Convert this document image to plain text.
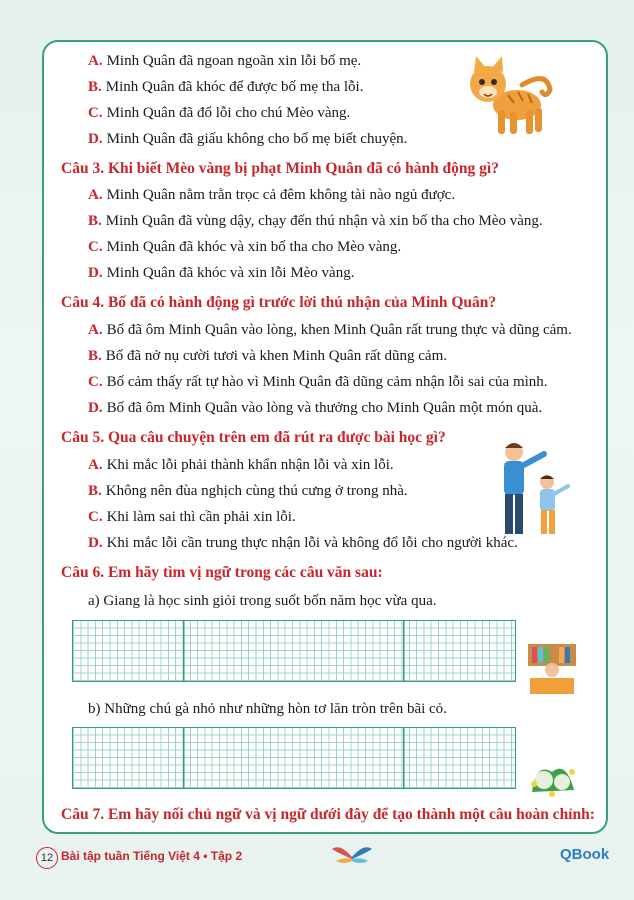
A. Minh Quân đã ngoan ngoãn xin lỗi bố mẹ.
B. Minh Quân đã khóc để được bố mẹ tha lỗi.
C. Minh Quân đã đổ lỗi cho chú Mèo vàng.
D. Minh Quân đã giấu không cho bố mẹ biết chuyện.
Câu 3. Khi biết Mèo vàng bị phạt Minh Quân đã có hành động gì?
A. Minh Quân nằm trằn trọc cả đêm không tài nào ngủ được.
B. Minh Quân đã vùng dậy, chạy đến thú nhận và xin bố tha cho Mèo vàng.
C. Minh Quân đã khóc và xin bố tha cho Mèo vàng.
D. Minh Quân đã khóc và xin lỗi Mèo vàng.
Câu 4. Bố đã có hành động gì trước lời thú nhận của Minh Quân?
A. Bố đã ôm Minh Quân vào lòng, khen Minh Quân rất trung thực và dũng cảm.
B. Bố đã nở nụ cười tươi và khen Minh Quân rất dũng cảm.
C. Bố cảm thấy rất tự hào vì Minh Quân đã dũng cảm nhận lỗi sai của mình.
D. Bố đã ôm Minh Quân vào lòng và thưởng cho Minh Quân một món quà.
Câu 5. Qua câu chuyện trên em đã rút ra được bài học gì?
A. Khi mắc lỗi phải thành khẩn nhận lỗi và xin lỗi.
B. Không nên đùa nghịch cùng thú cưng ở trong nhà.
C. Khi làm sai thì cần phải xin lỗi.
D. Khi mắc lỗi cần trung thực nhận lỗi và không đổ lỗi cho người khác.
Câu 6. Em hãy tìm vị ngữ trong các câu văn sau:
a) Giang là học sinh giỏi trong suốt bốn năm học vừa qua.
b) Những chú gà nhỏ như những hòn tơ lăn tròn trên bãi cỏ.
Câu 7. Em hãy nối chủ ngữ và vị ngữ dưới đây để tạo thành một câu hoàn chỉnh:
12 Bài tập tuần Tiếng Việt 4 • Tập 2	QBook
